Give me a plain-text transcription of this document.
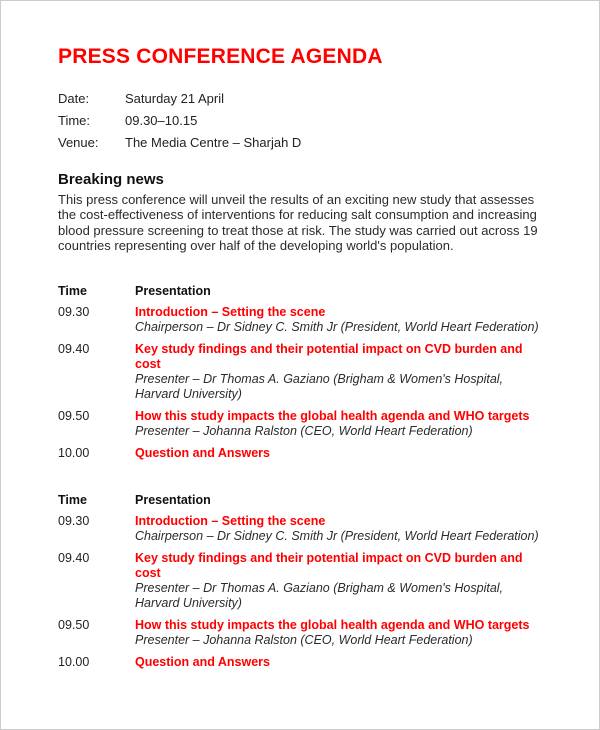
PRESS CONFERENCE AGENDA
Date:	Saturday 21 April
Time:	09.30–10.15
Venue:	The Media Centre – Sharjah D
Breaking news
This press conference will unveil the results of an exciting new study that assesses the cost-effectiveness of interventions for reducing salt consumption and increasing blood pressure screening to treat those at risk. The study was carried out across 19 countries representing over half of the developing world's population.
Time	Presentation
09.30	Introduction – Setting the scene
Chairperson – Dr Sidney C. Smith Jr (President, World Heart Federation)
09.40	Key study findings and their potential impact on CVD burden and cost
Presenter – Dr Thomas A. Gaziano (Brigham & Women's Hospital, Harvard University)
09.50	How this study impacts the global health agenda and WHO targets
Presenter – Johanna Ralston (CEO, World Heart Federation)
10.00	Question and Answers
Time	Presentation
09.30	Introduction – Setting the scene
Chairperson – Dr Sidney C. Smith Jr (President, World Heart Federation)
09.40	Key study findings and their potential impact on CVD burden and cost
Presenter – Dr Thomas A. Gaziano (Brigham & Women's Hospital, Harvard University)
09.50	How this study impacts the global health agenda and WHO targets
Presenter – Johanna Ralston (CEO, World Heart Federation)
10.00	Question and Answers
